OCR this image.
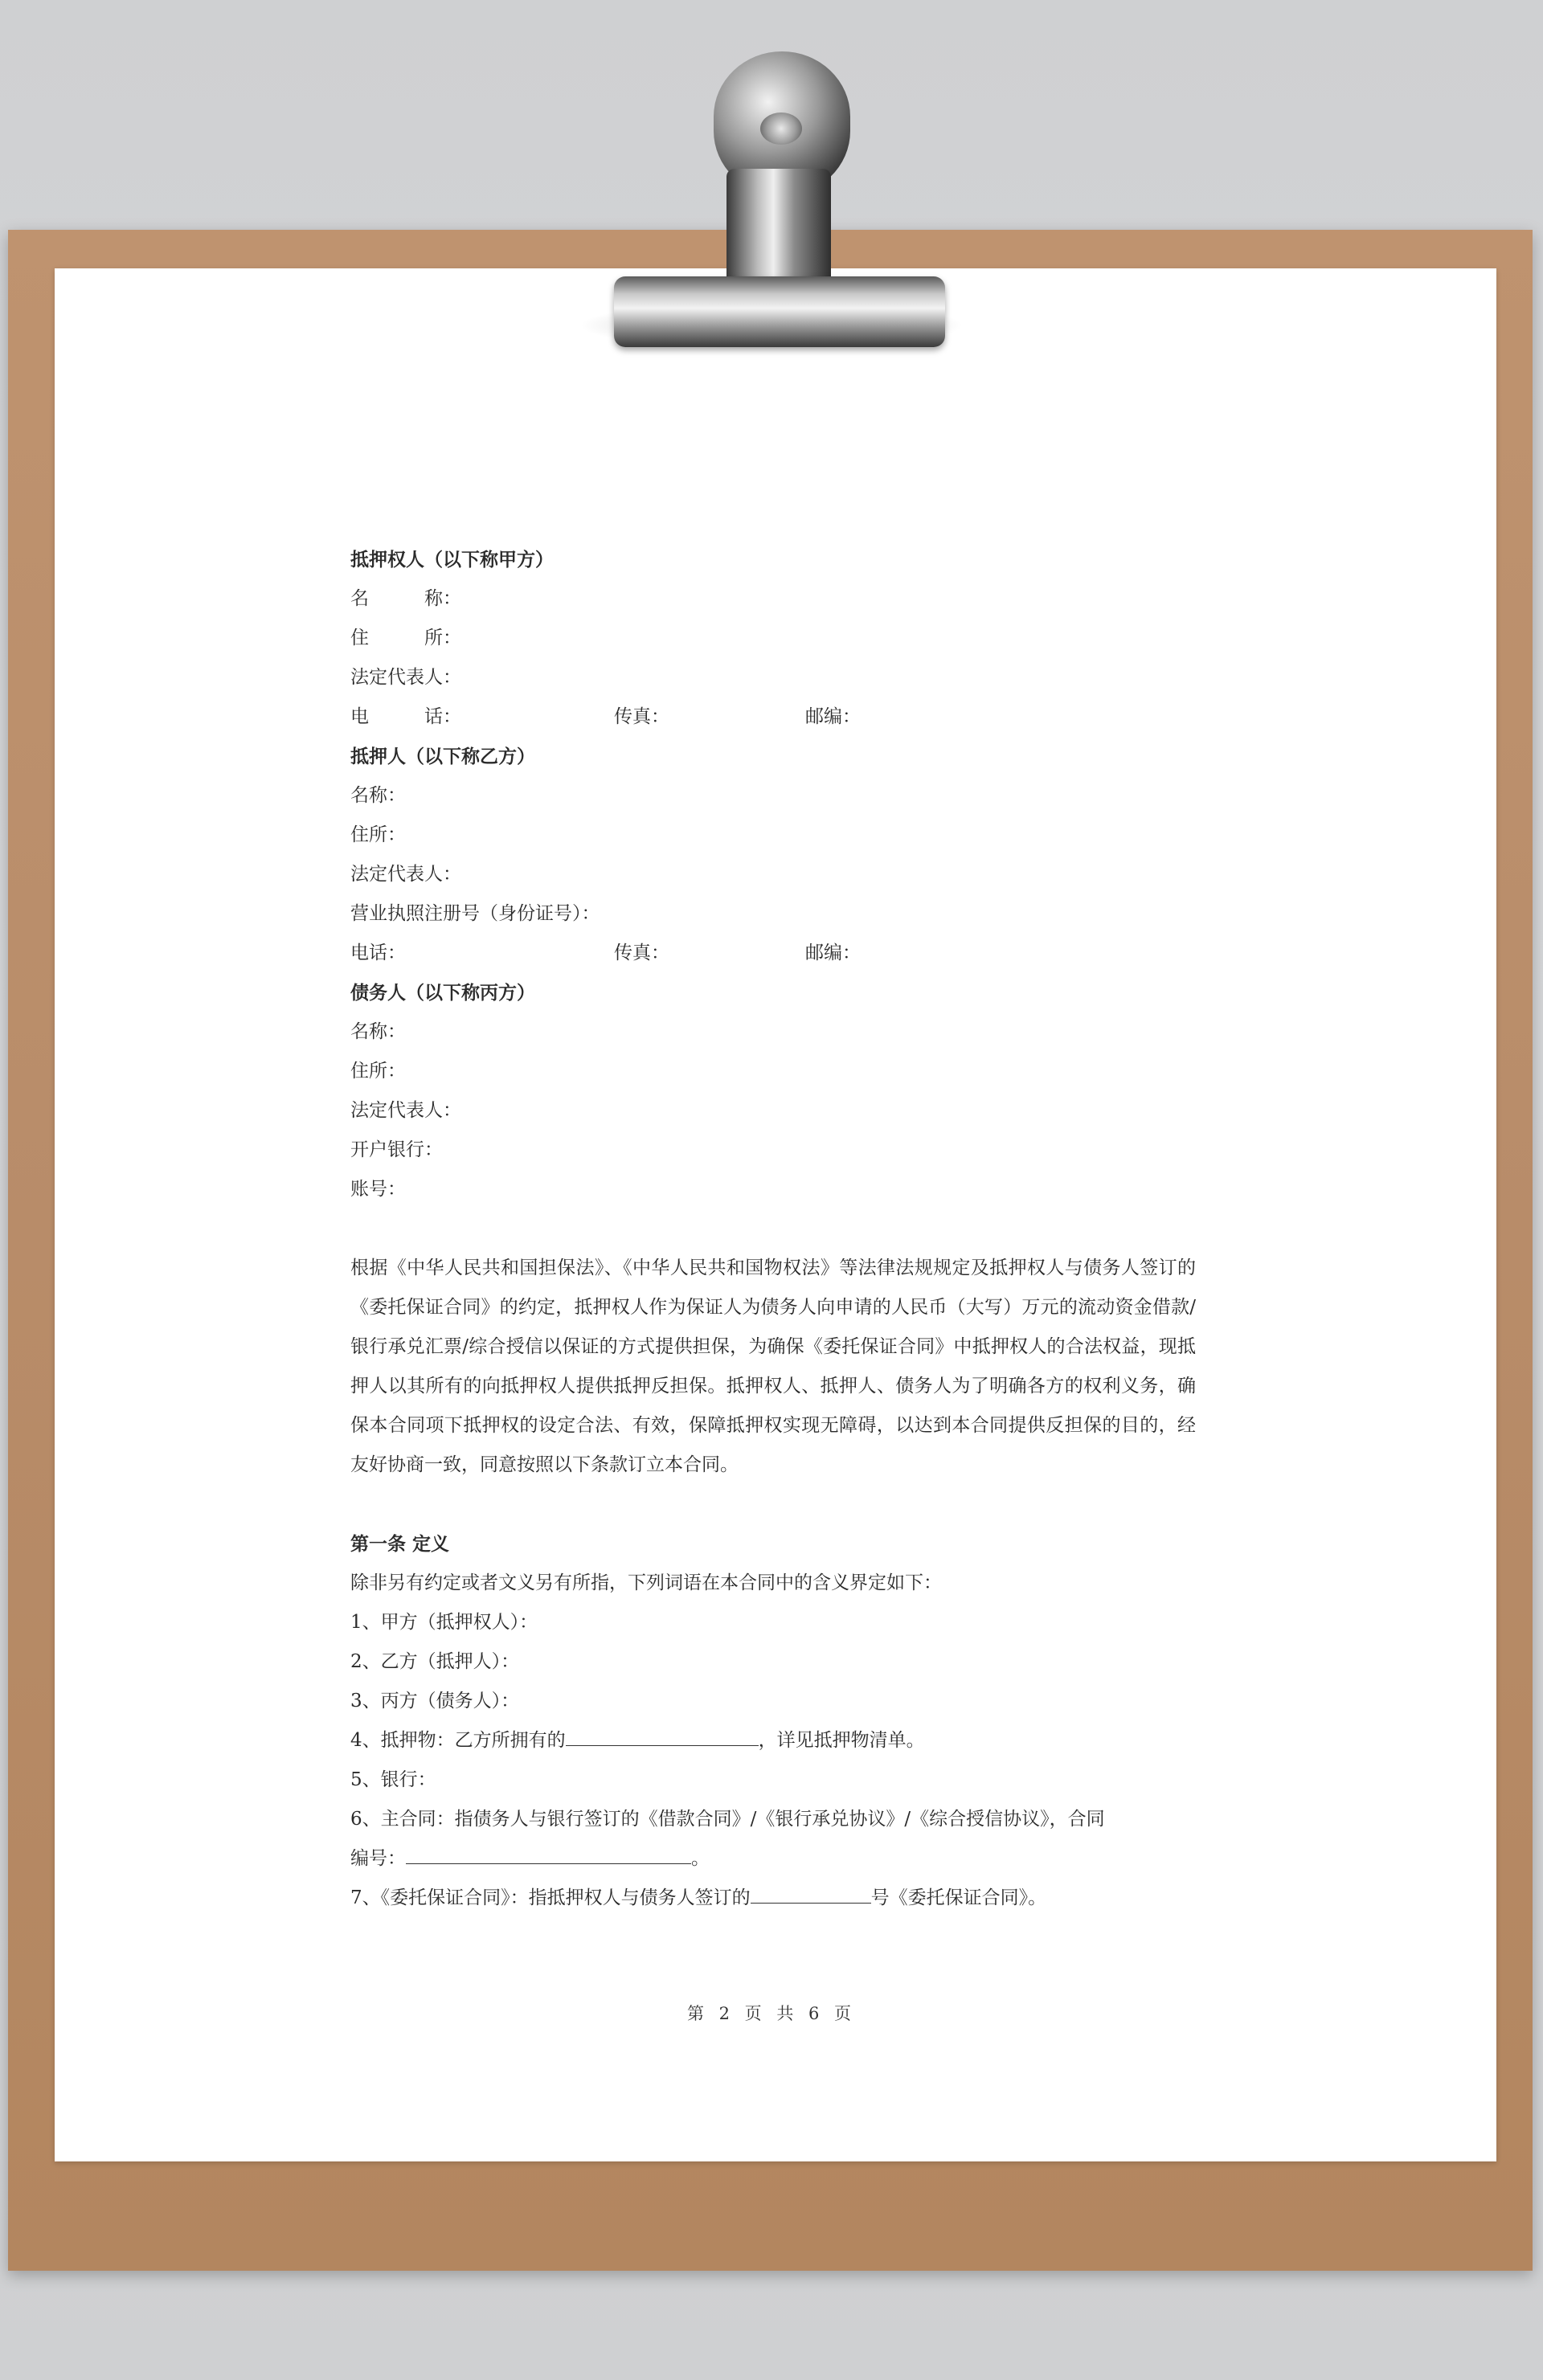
抵押权人（以下称甲方）
名　　　称：
住　　　所：
法定代表人：
电　　　话：	传真：	邮编：
抵押人（以下称乙方）
名称：
住所：
法定代表人：
营业执照注册号（身份证号）：
电话：	传真：	邮编：
债务人（以下称丙方）
名称：
住所：
法定代表人：
开户银行：
账号：
根据《中华人民共和国担保法》、《中华人民共和国物权法》等法律法规规定及抵押权人与债务人签订的《委托保证合同》的约定，抵押权人作为保证人为债务人向申请的人民币（大写）万元的流动资金借款/银行承兑汇票/综合授信以保证的方式提供担保，为确保《委托保证合同》中抵押权人的合法权益，现抵押人以其所有的向抵押权人提供抵押反担保。抵押权人、抵押人、债务人为了明确各方的权利义务，确保本合同项下抵押权的设定合法、有效，保障抵押权实现无障碍，以达到本合同提供反担保的目的，经友好协商一致，同意按照以下条款订立本合同。
第一条 定义
除非另有约定或者文义另有所指，下列词语在本合同中的含义界定如下：
1、甲方（抵押权人）：
2、乙方（抵押人）：
3、丙方（债务人）：
4、抵押物：乙方所拥有的	，详见抵押物清单。
5、银行：
6、主合同：指债务人与银行签订的《借款合同》/《银行承兑协议》/《综合授信协议》，合同
编号：	。
7、《委托保证合同》：指抵押权人与债务人签订的	号《委托保证合同》。
第 2 页 共 6 页
